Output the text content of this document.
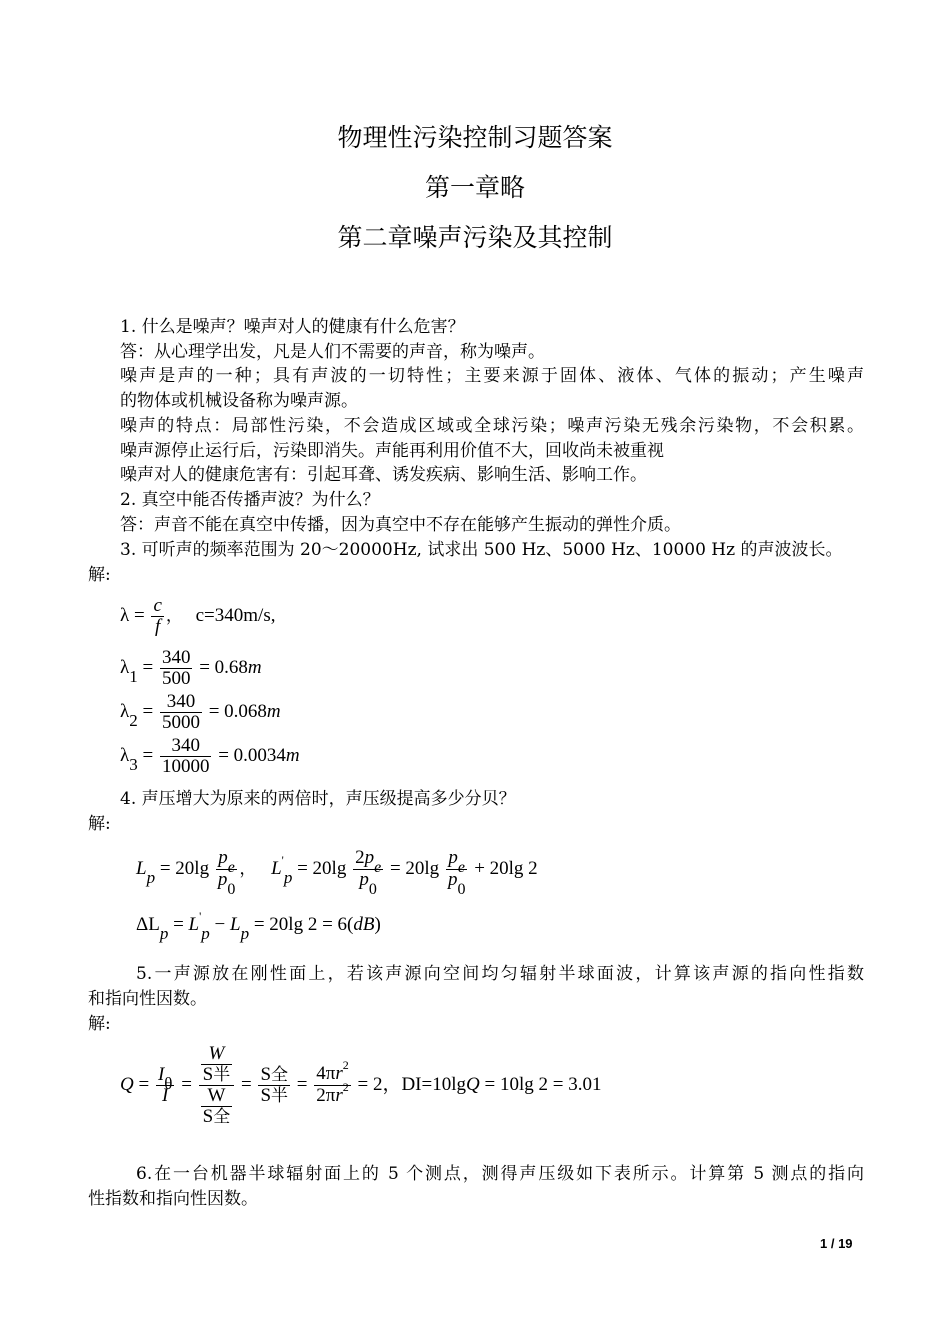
物理性污染控制习题答案
第一章略
第二章噪声污染及其控制
1. 什么是噪声？噪声对人的健康有什么危害？
答：从心理学出发，凡是人们不需要的声音，称为噪声。
噪声是声的一种；具有声波的一切特性；主要来源于固体、液体、气体的振动；产生噪声
的物体或机械设备称为噪声源。
噪声的特点：局部性污染，不会造成区域或全球污染；噪声污染无残余污染物，不会积累。
噪声源停止运行后，污染即消失。声能再利用价值不大，回收尚未被重视
噪声对人的健康危害有：引起耳聋、诱发疾病、影响生活、影响工作。
2. 真空中能否传播声波？为什么？
答：声音不能在真空中传播，因为真空中不存在能够产生振动的弹性介质。
3. 可听声的频率范围为 20～20000Hz, 试求出 500 Hz、5000 Hz、10000 Hz 的声波波长。
解:
$\lambda = \frac{c}{f}$ ， c=340m/s,
$\lambda 1 = \frac{340}{500} = 0.68m$
$\lambda 2 = \frac{340}{5000} = 0.068m$
$\lambda 3 = \frac{340}{10000} = 0.0034m$
4. 声压增大为原来的两倍时，声压级提高多少分贝？
解:
$Lp = 20\lg \frac{p_e}{p_0}$ ， $L'p = 20\lg \frac{2p_e}{p_0} = 20\lg \frac{p_e}{p_0} + 20\lg$ 2
ΔLp = L'p − Lp = 20lg 2 = 6(dB)
5.一声源放在刚性面上，若该声源向空间均匀辐射半球面波，计算该声源的指向性指数
和指向性因数。
解:
$Q = \frac{I\theta}{I} = \frac{\frac{W}{\text{S半}}}{\frac{W}{\text{S全}}} = \frac{\text{S全}}{\text{S半}} = \frac{4\pi r^2}{2\pi r^2} = 2$，DI=10lgQ = 10lg 2 = 3.01
6.在一台机器半球辐射面上的 5 个测点，测得声压级如下表所示。计算第 5 测点的指向
性指数和指向性因数。
1 / 19
